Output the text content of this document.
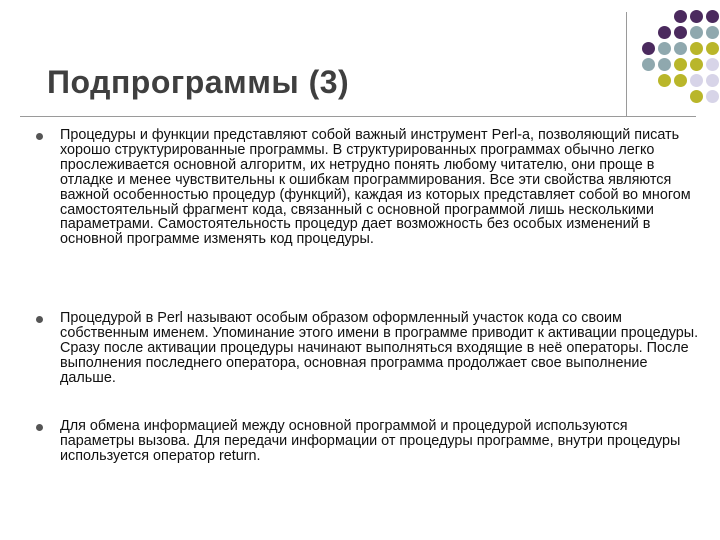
Подпрограммы (3)
Процедуры и функции представляют собой важный инструмент Perl-а, позволяющий писать хорошо структурированные программы. В структурированных программах обычно легко прослеживается основной алгоритм, их нетрудно понять любому читателю, они проще в отладке и менее чувствительны к ошибкам программирования. Все эти свойства являются важной особенностью процедур (функций), каждая из которых представляет собой во многом самостоятельный фрагмент кода, связанный с основной программой лишь несколькими параметрами. Самостоятельность процедур дает возможность без особых изменений в основной программе изменять код процедуры.
Процедурой в Perl называют особым образом оформленный участок кода со своим собственным именем. Упоминание этого имени в программе приводит к активации процедуры. Сразу после активации процедуры начинают выполняться входящие в неё операторы. После выполнения последнего оператора, основная программа продолжает свое выполнение дальше.
Для обмена информацией между основной программой и процедурой используются параметры вызова. Для передачи информации от процедуры программе, внутри процедуры используется оператор return.
